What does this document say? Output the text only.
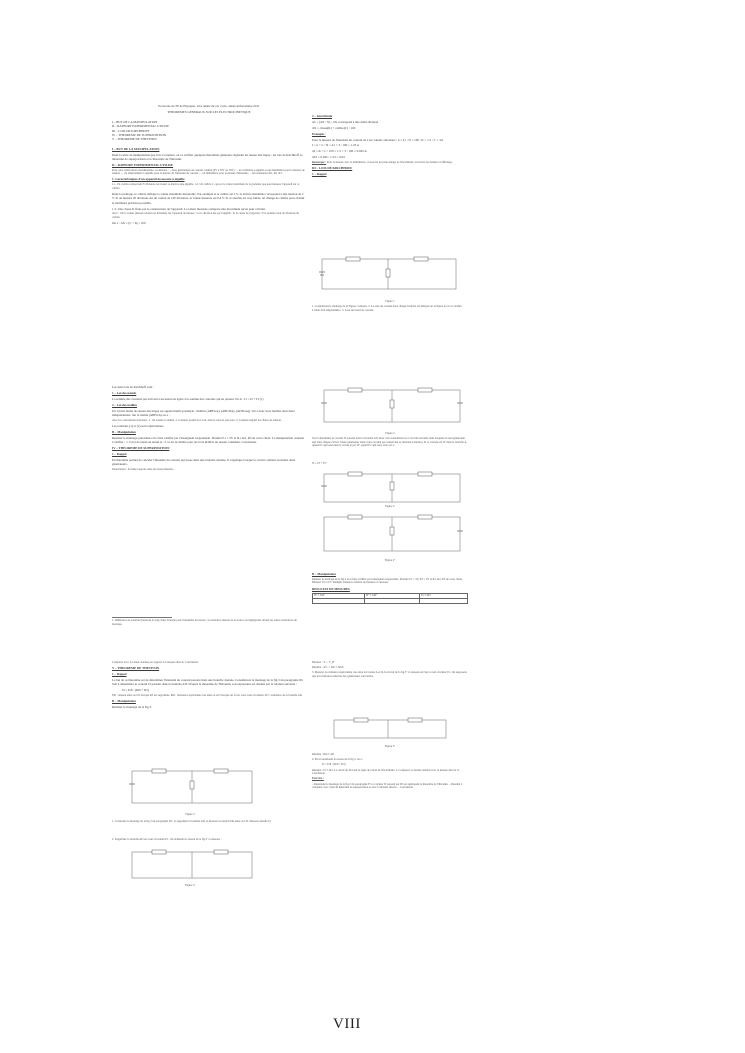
Protocole de TP de Physique, 1ère année du 1er cycle, année universitaire 2011

THEOREMES GENERAUX SUR LES ELECTROCINETIQUE

I – BUT DE LA MANIPULATION

II – RAPPORT EXPERIMENTAL UTILISE

III – LOIS DE KIRCHHOFF

IV – THEOREME DE SUPERPOSITION

V – THEOREME DE THEVENIN

I – BUT DE LA MANIPULATION

Dans la série de manipulation que l'on va réaliser, on va vérifier quelques théorèmes généraux régissant un réseau électrique : les lois de Kirchhoff, le théorème de superposition et le théorème de Thévenin.

II – RAPPORT EXPERIMENTAL UTILISE

Pour cette vérification expérimentale, on utilisera : – deux générateurs de courant continu (0V à 30V ou 30V) ; – un voltmètre à aiguille ou un multimètre pour la mesure de tension ; – un ampèremètre à aiguille pour la mesure de l'intensité du courant ; – un multimètre pour la mesure d'intensité ; – des résistances R1, R2, R3.

1. Caractéristiques d'un appareil de mesure à aiguille

1.1. Un cadran comportant N divisions sur lequel se déplace une aiguille. 1.2. Un calibre C, qui est la valeur maximale de la grandeur que peut mesurer l'appareil sur ce calibre.

Dans la pratique, le calibre indique la valeur maximale mesurable. Par exemple si le calibre est 2 V, la lecture maximale correspond à une tension de 2 V. Si on mesure 20 divisions sur un cadran de 100 divisions, la valeur mesurée est 0,4 V. Si ce résultat est trop faible, on change de calibre pour obtenir la meilleure précision possible.

1.3. Une classe K fixée par le constructeur de l'appareil. La valeur mesurée comporte une incertitude qu'on peut calculer.

Avec : ΔX la valeur (mesure tension ou intensité) sur l'appareil de mesure ; Ce la division lue par l'aiguille ; K la classe de l'appareil ; N le nombre total de divisions du cadran.

On a : ΔX = (C × K) / 100

2 – Incertitude

Δx = (ΔX / X) ; ΔX correspond à une demi-division

ΔX = classe(K) × calibre(C) / 100

Exemple :

Pour la mesure de l'intensité du courant en a les valeurs suivantes : n = 41 ; N = 100 ; K = 1.5 ; C = 3A

I = n × C / N = 41 × 3 / 100 = 1.23 A

ΔI = K × C / 100 = 1.5 × 3 / 100 = 0.045 A

ΔI/I = 0.045 / 1.23 = 0.04

Remarque : Pour la mesure avec le multimètre, on associe un pourcentage de l'incertitude, la lecture est donnée à l'affichage.

III – LOIS DE KIRCHHOFF

1 – Rappel

Figure 1
1. Considérons le montage de la Figure ci-dessus. 2. Le sens du courant dans chaque branche est indiqué sur la figure et on va vérifier à l'aide d'un ampèremètre. 3. A est un nœud de courant.

Les deux lois de Kirchhoff sont :

1 – Loi des nœuds

La somme des courants qui arrivent à un nœud est égale à la somme des courants qui en partent. En A : I1 = I2 + I3 (1)

2 – Loi des mailles

Un circuit fermé de réseau électrique est appelé maille (exemple : mailles (ABFGA), (ABCDA), (ADFGA)). On a donc trois mailles dont deux indépendantes. Sur la maille (ABFGA) on a :

Avec les conventions suivantes : 1. On oriente la maille. 2. Compter positif les f.é.m. dans le sens de parcours. 3. Compter négatif les chutes de tension.

Les relations (1) et (2) sont équivalentes.

B – Manipulation

Réaliser le montage précédent et le faire vérifier par l'enseignant responsable. Prendre E1 = 5V et R1, R2, R3 de votre choix. La manipulation consiste à vérifier : 1. la loi de nœud au nœud A ; 2. la loi de maille pour les trois mailles du réseau considéré. Conclusion.

IV – THEOREME DE SUPERPOSITION

1 – Rappel

En théorème permet de calculer l'intensité du courant qui passe dans une branche donnée. Il s'applique lorsque le circuit contient au moins deux générateurs.

Enonciation : Il existe toujours dans un réseau linéaire...

1. Différence de potentiel (tension) le long d'une branche pour l'ensemble du réseau ; la résistance interne de la source est négligeable devant les autres résistances du montage.
Figure 2
Soit à déterminer le courant I3 passant dans la branche AD. Pour cela considérons les 2 circuits suivants dans lesquels un seul générateur agit dans chaque circuit, l'autre générateur étant court-circuité (en conservant sa résistance interne). Si ce courant est I3' dans la branche A, quand E1 agit seul dans le circuit et par I3'' quand E2 agit seul, alors on a :
I3 = I3' + I3''
Figure 2'
Figure 2''

B – Manipulation

Réaliser le montage de la fig.2 et le faire vérifier par l'enseignant responsable. Prendre E1 = 5V, E2 = 3V et R1, R2, R3 de votre choix. Mesurer I3' et I3''. Remplir ensuite le tableau de mesures ci-dessous.

RESULTAT DE MESURES

I3' ± ΔI3'	I3'' ± ΔI3''	I3 ± ΔI3

Comparer avec la valeur obtenue par rapport à la mesure directe. Conclusion.

V – THEOREME DE THEVENIN

1 – Rappel

Le but de ce théorème est de déterminer l'intensité du courant passant dans une branche donnée. Considérons le montage de la fig.3 du paragraphe III. Soit à déterminer le courant I3 passant dans la branche AD. D'après le théorème de Thévenin, son expression est donnée par la relation suivante :

I3 = Eth / (Rth + R3)

Eth : tension entre A et D lorsque R3 est supprimée. Rth : résistance équivalente vue entre A et D lorsque les f.é.m. sont court-circuitées. R3 : résistance de la branche AD.

B – Manipulation

Réaliser le montage de la fig.3.

Figure 3
1. Construire le montage de la fig.3 du paragraphe III ; et supprimer la branche AD, et mesurer la tension Eth entre A et D. Mesurer ensuite I3.
2. Supprimer la branche AD en court-circuitant E1. On obtiendra le réseau de la fig.3' ci-dessous :
Figure 3'

Mesurer : Vₐ – V_B

Résultat : ΔVₐ = Eth ± ΔEth

3. Mesurer la résistance équivalente vue entre les bornes A et D du circuit de la fig.3'' ci-dessous en l'un à court-circuiter E1. On supposera que les résistances internes des générateurs sont nulles.

Figure 3''

Résultat : Rth ± ΔR

4. En reconstituant le réseau de la fig.3, on a :

I3 = Eth / (Rth + R3)

Résultat : I3 ± ΔI3. Le calcul de ΔI3 suit la règle de calcul de l'incertitude. 5. Comparer ce dernier résultat avec la mesure directe. 6. Conclusion.

Exercice :

– Reprendre le montage de la fig.2 du paragraphe IV et calculer I3 passant par R3 en appliquant le théorème de Thévenin. – Résultat à comparer avec celui du théorème de superposition et avec la mesure directe. – Conclusion.

VIII
